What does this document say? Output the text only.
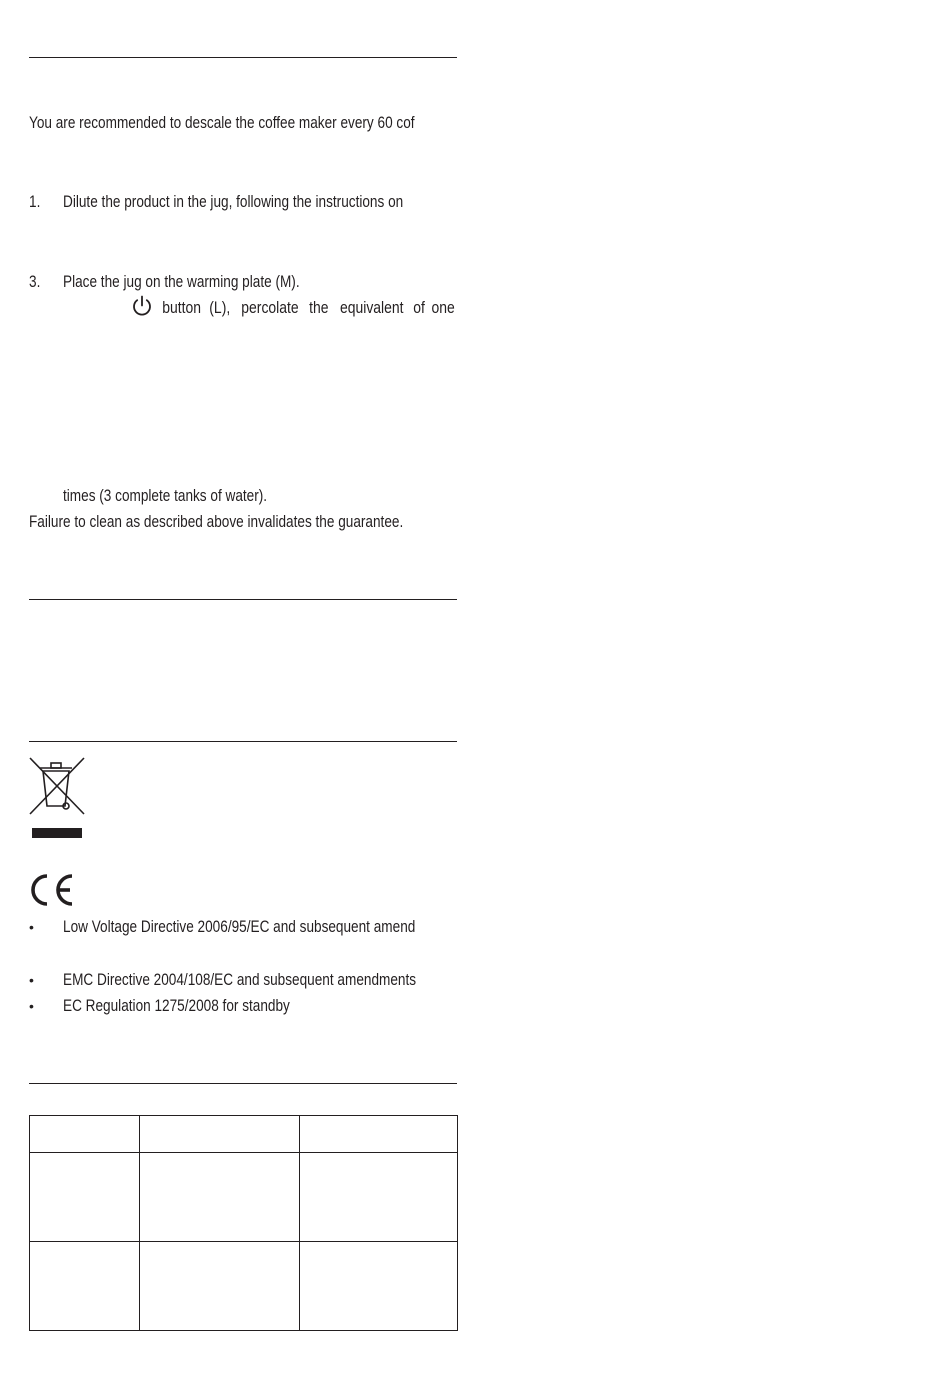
You are recommended to descale the coffee maker every 60 cof
1. Dilute the product in the jug, following the instructions on
3. Place the jug on the warming plate (M).
button (L), percolate the equivalent of one
times (3 complete tanks of water).
Failure to clean as described above invalidates the guarantee.
• Low Voltage Directive 2006/95/EC and subsequent amend
• EMC Directive 2004/108/EC and subsequent amendments
• EC Regulation 1275/2008 for standby
